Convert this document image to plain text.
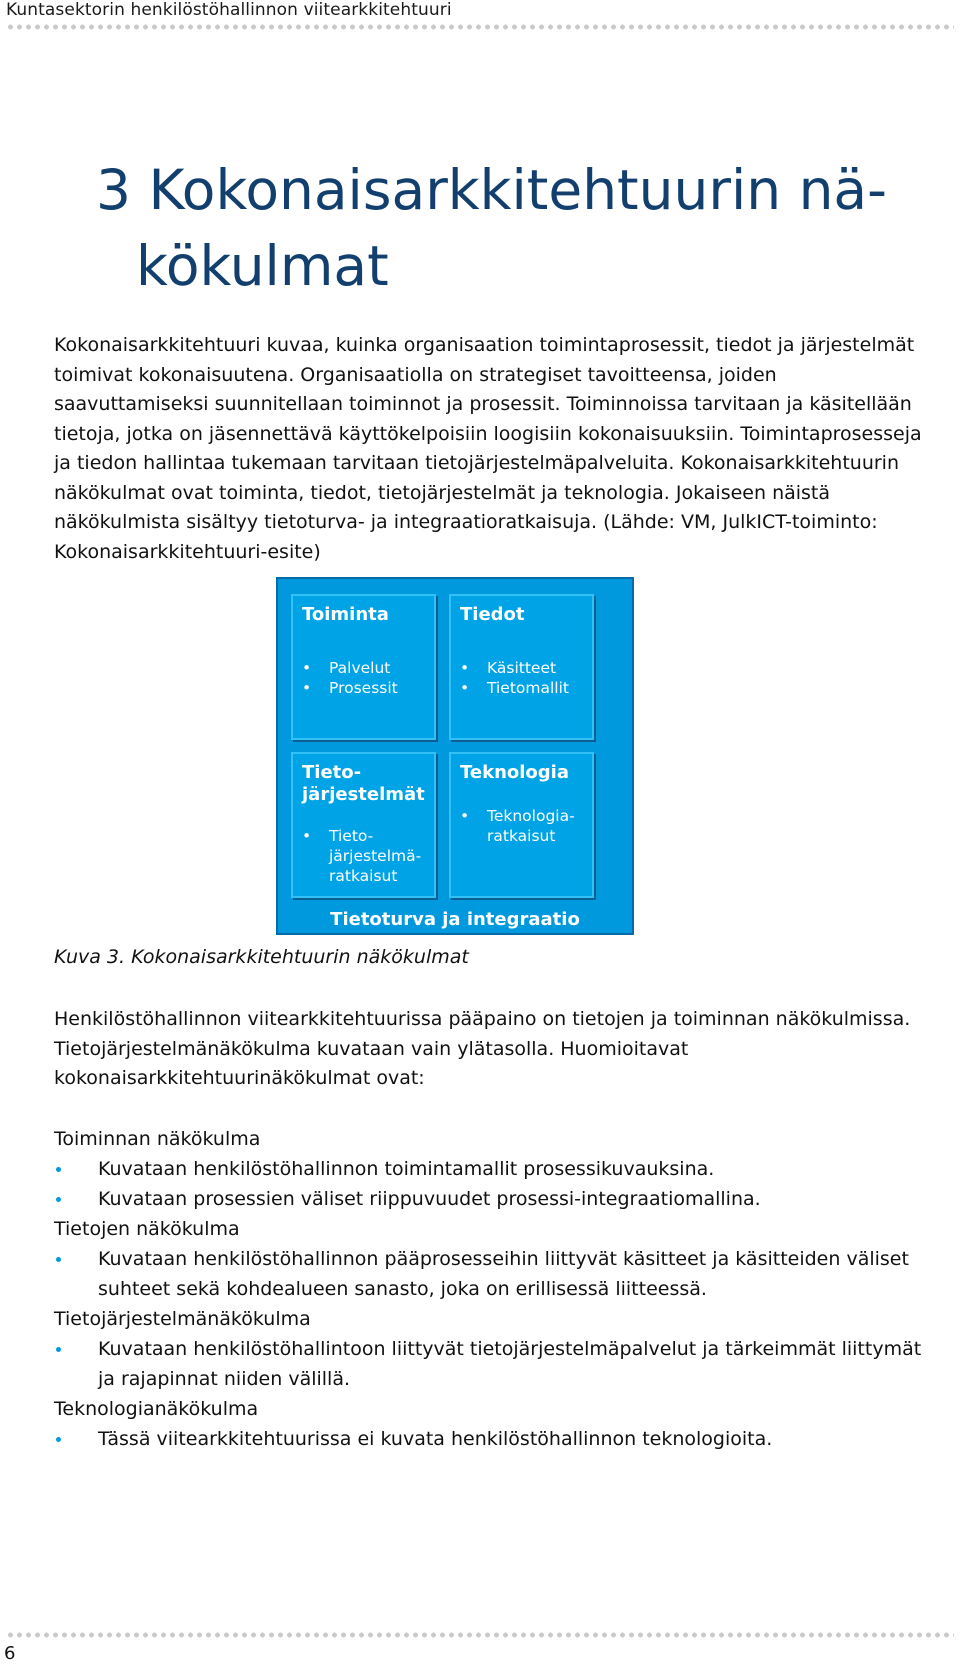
Kuntasektorin henkilöstöhallinnon viitearkkitehtuuri
3 Kokonaisarkkitehtuurin nä-
kökulmat

Kokonaisarkkitehtuuri kuvaa, kuinka organisaation toimintaprosessit, tiedot ja järjestelmät toimivat kokonaisuutena. Organisaatiolla on strategiset tavoitteensa, joiden saavuttamiseksi suunnitellaan toiminnot ja prosessit. Toiminnoissa tarvitaan ja käsitellään tietoja, jotka on jäsennettävä käyttökelpoisiin loogisiin kokonaisuuksiin. Toimintaprosesseja ja tiedon hallintaa tukemaan tarvitaan tietojärjestelmäpalveluita. Kokonaisarkkitehtuurin näkökulmat ovat toiminta, tiedot, tietojärjestelmät ja teknologia. Jokaiseen näistä näkökulmista sisältyy tietoturva- ja integraatioratkaisuja. (Lähde: VM, JulkICT-toiminto: Kokonaisarkkitehtuuri-esite)

Toiminta
• Palvelut
• Prosessit
Tiedot
• Käsitteet
• Tietomallit
Tieto-
järjestelmät
• Tieto-
järjestelmä-
ratkaisut
Teknologia
• Teknologia-
ratkaisut
Tietoturva ja integraatio
Kuva 3. Kokonaisarkkitehtuurin näkökulmat

Henkilöstöhallinnon viitearkkitehtuurissa pääpaino on tietojen ja toiminnan näkökulmissa. Tietojärjestelmänäkökulma kuvataan vain ylätasolla. Huomioitavat kokonaisarkkitehtuurinäkökulmat ovat:

Toiminnan näkökulma

Kuvataan henkilöstöhallinnon toimintamallit prosessikuvauksina.
Kuvataan prosessien väliset riippuvuudet prosessi-integraatiomallina.

Tietojen näkökulma

Kuvataan henkilöstöhallinnon pääprosesseihin liittyvät käsitteet ja käsitteiden väliset suhteet sekä kohdealueen sanasto, joka on erillisessä liitteessä.

Tietojärjestelmänäkökulma

Kuvataan henkilöstöhallintoon liittyvät tietojärjestelmäpalvelut ja tärkeimmät liittymät ja rajapinnat niiden välillä.

Teknologianäkökulma

Tässä viitearkkitehtuurissa ei kuvata henkilöstöhallinnon teknologioita.
6
